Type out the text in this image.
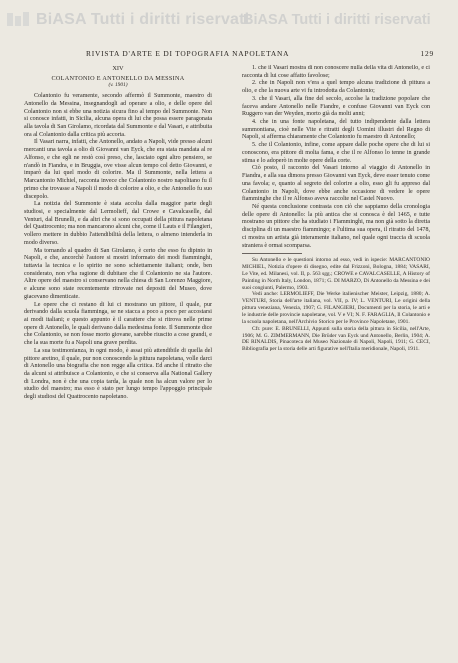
BiASA Tutti i diritti riservati
BiASA Tutti i diritti riservati
RIVISTA D'ARTE E DI TOPOGRAFIA NAPOLETANA	129
XIV
COLANTONIO E ANTONELLO DA MESSINA
(v. 1901)

Colantonio fu veramente, secondo affermò il Summonte, maestro di Antonello da Messina, insegnandogli ad operare a olio, e delle opere del Colantonio non si ebbe una notizia sicura fino al tempo del Summonte. Non si conosce infatti, in Sicilia, alcuna opera di lui che possa essere paragonata alla tavola di San Girolamo, ricordata dal Summonte e dal Vasari, e attribuita ora al Colantonio dalla critica più accorta.

Il Vasari narra, infatti, che Antonello, andato a Napoli, vide presso alcuni mercanti una tavola a olio di Giovanni van Eyck, che era stata mandata al re Alfonso, e che egli ne restò così preso, che, lasciato ogni altro pensiero, se n'andò in Fiandra, e in Bruggia, ove visse alcun tempo col detto Giovanni, e imparò da lui quel modo di colorire. Ma il Summonte, nella lettera a Marcantonio Michiel, racconta invece che Colantonio nostro napolitano fu il primo che trovasse a Napoli il modo di colorire a olio, e che Antonello fu suo discepolo.

La notizia del Summonte è stata accolta dalla maggior parte degli studiosi, e specialmente dal Lermolieff, dal Crowe e Cavalcaselle, dal Venturi, dal Brunelli, e da altri che si sono occupati della pittura napoletana del Quattrocento; ma non mancarono alcuni che, come il Lauts e il Filangieri, vollero mettere in dubbio l'attendibilità della lettera, o almeno intenderla in modo diverso.

Ma tornando al quadro di San Girolamo, è certo che esso fu dipinto in Napoli, e che, ancorchè l'autore si mostri informato dei modi fiamminghi, tuttavia la tecnica e lo spirito ne sono schiettamente italiani; onde, ben considerato, non v'ha ragione di dubitare che il Colantonio ne sia l'autore. Altre opere del maestro si conservano nella chiesa di San Lorenzo Maggiore, e alcune sono state recentemente ritrovate nei depositi del Museo, dove giacevano dimenticate.

Le opere che ci restano di lui ci mostrano un pittore, il quale, pur derivando dalla scuola fiamminga, se ne stacca a poco a poco per accostarsi ai modi italiani; e questo appunto è il carattere che si ritrova nelle prime opere di Antonello, le quali derivano dalla medesima fonte. Il Summonte dice che Colantonio, se non fosse morto giovane, sarebbe riuscito a cose grandi, e che la sua morte fu a Napoli una grave perdita.

La sua testimonianza, in ogni modo, è assai più attendibile di quella del pittore aretino, il quale, pur non conoscendo la pittura napoletana, volle darci di Antonello una biografia che non regge alla critica. Ed anche il ritratto che da alcuni si attribuisce a Colantonio, e che si conserva alla National Gallery di Londra, non è che una copia tarda, la quale non ha alcun valore per lo studio del maestro; ma esso è stato per lungo tempo l'appoggio principale degli studiosi del Quattrocento napoletano.

1. che il Vasari mostra di non conoscere nulla della vita di Antonello, e ci racconta di lui cose affatto favolose;

2. che in Napoli non v'era a quel tempo alcuna tradizione di pittura a olio, e che la nuova arte vi fu introdotta da Colantonio;

3. che il Vasari, alla fine del secolo, accolse la tradizione popolare che faceva andare Antonello nelle Fiandre, e confuse Giovanni van Eyck con Ruggero van der Weyden, morto già da molti anni;

4. che in una fonte napoletana, del tutto indipendente dalla lettera summontiana, cioè nelle Vite e ritratti degli Uomini illustri del Regno di Napoli, si afferma chiaramente che Colantonio fu maestro di Antonello;

5. che il Colantonio, infine, come appare dalle poche opere che di lui si conoscono, era pittore di molta fama, e che il re Alfonso lo tenne in grande stima e lo adoperò in molte opere della corte.

Ciò posto, il racconto del Vasari intorno al viaggio di Antonello in Fiandra, e alla sua dimora presso Giovanni van Eyck, deve esser tenuto come una favola; e, quanto al segreto del colorire a olio, esso gli fu appreso dal Colantonio in Napoli, dove ebbe anche occasione di vedere le opere fiamminghe che il re Alfonso aveva raccolte nel Castel Nuovo.

Né questa conclusione contrasta con ciò che sappiamo della cronologia delle opere di Antonello: la più antica che si conosca è del 1465, e tutte mostrano un pittore che ha studiato i Fiamminghi, ma non già sotto la diretta disciplina di un maestro fiammingo; e l'ultima sua opera, il ritratto del 1478, ci mostra un artista già interamente italiano, nel quale ogni traccia di scuola straniera è ormai scomparsa.

Su Antonello e le questioni intorno ad esso, vedi in ispecie: MARCANTONIO MICHIEL, Notizia d'opere di disegno, edite dal Frizzoni, Bologna, 1884; VASARI, Le Vite, ed. Milanesi, vol. II, p. 563 sgg.; CROWE e CAVALCASELLE, A History of Painting in North Italy, London, 1871; G. DI MARZO, Di Antonello da Messina e dei suoi congiunti, Palermo, 1903.

Vedi anche: LERMOLIEFF, Die Werke italienischer Meister, Leipzig, 1880; A. VENTURI, Storia dell'arte italiana, vol. VII, p. IV; L. VENTURI, Le origini della pittura veneziana, Venezia, 1907; G. FILANGIERI, Documenti per la storia, le arti e le industrie delle provincie napoletane, vol. V e VI; N. F. FARAGLIA, Il Colantonio e la scuola napoletana, nell'Archivio Storico per le Province Napoletane, 1901.

Cfr. pure: E. BRUNELLI, Appunti sulla storia della pittura in Sicilia, nell'Arte, 1906; M. G. ZIMMERMANN, Die Brüder van Eyck und Antonello, Berlin, 1904; A. DE RINALDIS, Pinacoteca del Museo Nazionale di Napoli, Napoli, 1911; G. CECI, Bibliografia per la storia delle arti figurative nell'Italia meridionale, Napoli, 1911.
